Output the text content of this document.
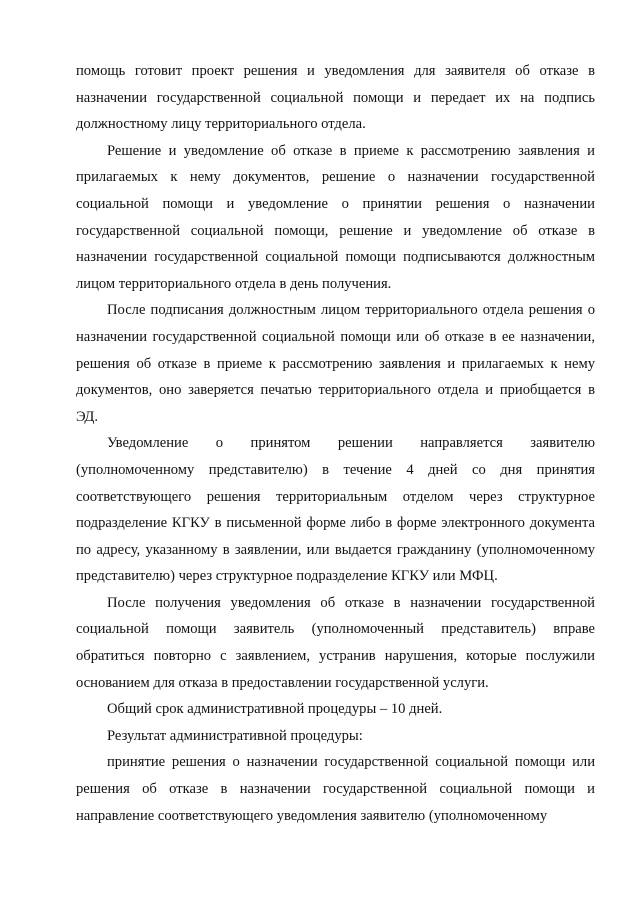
помощь готовит проект решения и уведомления для заявителя об отказе в назначении государственной социальной помощи и передает их на подпись должностному лицу территориального отдела.

Решение и уведомление об отказе в приеме к рассмотрению заявления и прилагаемых к нему документов, решение о назначении государственной социальной помощи и уведомление о принятии решения о назначении государственной социальной помощи, решение и уведомление об отказе в назначении государственной социальной помощи подписываются должностным лицом территориального отдела в день получения.

После подписания должностным лицом территориального отдела решения о назначении государственной социальной помощи или об отказе в ее назначении, решения об отказе в приеме к рассмотрению заявления и прилагаемых к нему документов, оно заверяется печатью территориального отдела и приобщается в ЭД.

Уведомление о принятом решении направляется заявителю (уполномоченному представителю) в течение 4 дней со дня принятия соответствующего решения территориальным отделом через структурное подразделение КГКУ в письменной форме либо в форме электронного документа по адресу, указанному в заявлении, или выдается гражданину (уполномоченному представителю) через структурное подразделение КГКУ или МФЦ.

После получения уведомления об отказе в назначении государственной социальной помощи заявитель (уполномоченный представитель) вправе обратиться повторно с заявлением, устранив нарушения, которые послужили основанием для отказа в предоставлении государственной услуги.

Общий срок административной процедуры – 10 дней.

Результат административной процедуры:

принятие решения о назначении государственной социальной помощи или решения об отказе в назначении государственной социальной помощи и направление соответствующего уведомления заявителю (уполномоченному
